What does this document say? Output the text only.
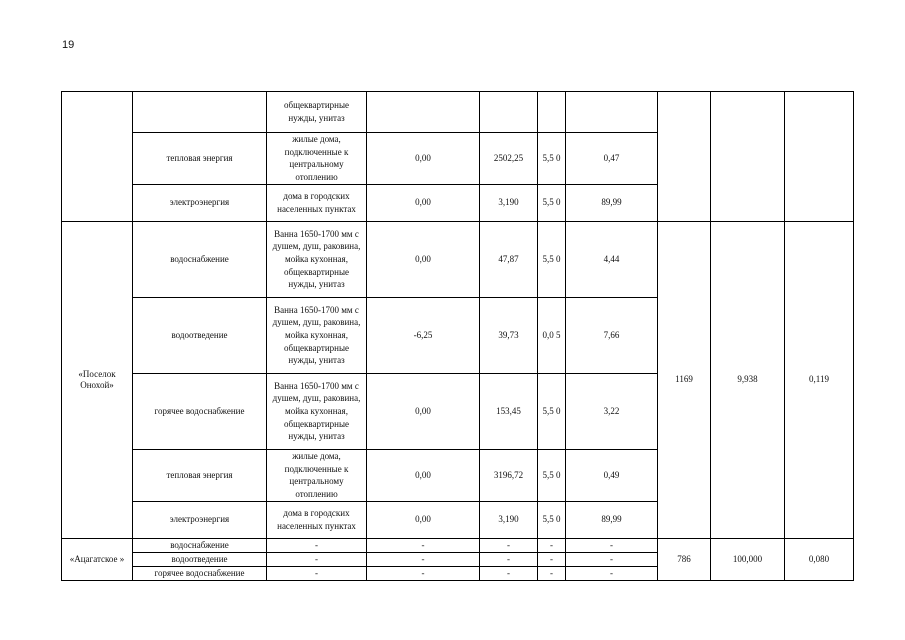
19
		общеквартирные нужды, унитаз							
	тепловая энергия	жилые дома, подключенные к центральному отоплению	0,00	2502,25	5,5 0	0,47			
	электроэнергия	дома в городских населенных пунктах	0,00	3,190	5,5 0	89,99			
«Поселок Онохой»	водоснабжение	Ванна 1650-1700 мм с душем, душ, раковина, мойка кухонная, общеквартирные нужды, унитаз	0,00	47,87	5,5 0	4,44	1169	9,938	0,119
	водоотведение	Ванна 1650-1700 мм с душем, душ, раковина, мойка кухонная, общеквартирные нужды, унитаз	-6,25	39,73	0,0 5	7,66			
	горячее водоснабжение	Ванна 1650-1700 мм с душем, душ, раковина, мойка кухонная, общеквартирные нужды, унитаз	0,00	153,45	5,5 0	3,22			
	тепловая энергия	жилые дома, подключенные к центральному отоплению	0,00	3196,72	5,5 0	0,49			
	электроэнергия	дома в городских населенных пунктах	0,00	3,190	5,5 0	89,99			
«Ацагатское »	водоснабжение	-	-	-	-	-	786	100,000	0,080
	водоотведение	-	-	-	-	-			
	горячее водоснабжение	-	-	-	-	-			
